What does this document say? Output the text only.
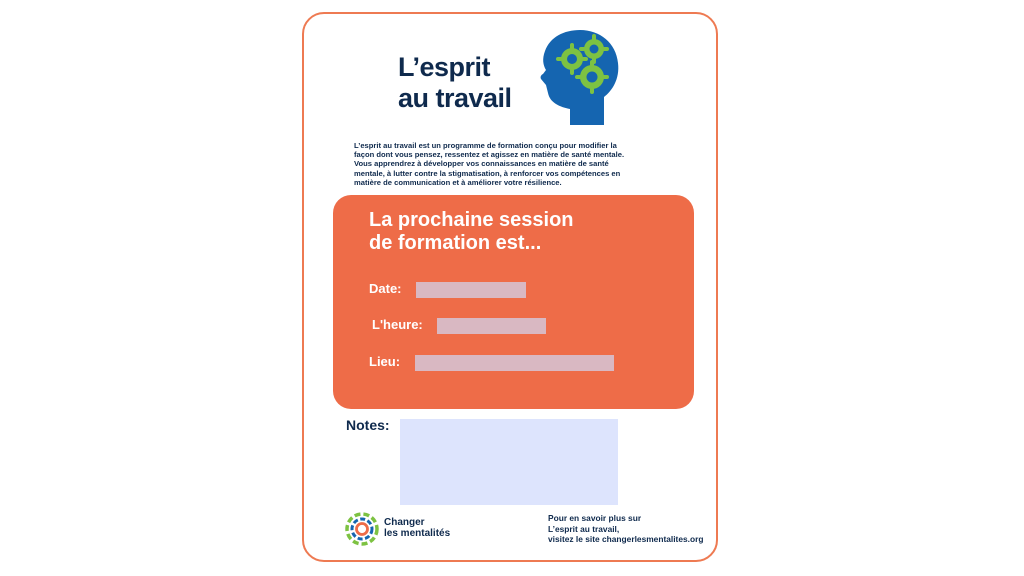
L’esprit
au travail
L’esprit au travail est un programme de formation conçu pour modifier la
façon dont vous pensez, ressentez et agissez en matière de santé mentale.
Vous apprendrez à développer vos connaissances en matière de santé
mentale, à lutter contre la stigmatisation, à renforcer vos compétences en
matière de communication et à améliorer votre résilience.
La prochaine session
de formation est...
Date:
L'heure:
Lieu:
Notes:
Changer
les mentalités
Pour en savoir plus sur
L’esprit au travail,
visitez le site changerlesmentalites.org
